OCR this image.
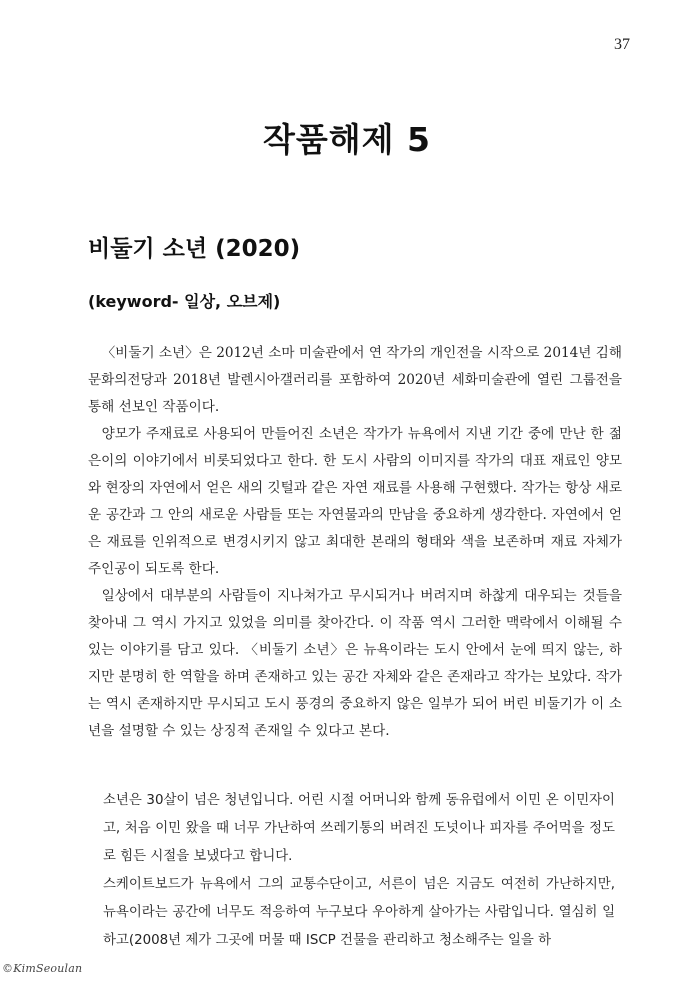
37
작품해제 5
비둘기 소년 (2020)
(keyword- 일상, 오브제)

〈비둘기 소년〉은 2012년 소마 미술관에서 연 작가의 개인전을 시작으로 2014년 김해문화의전당과 2018년 발렌시아갤러리를 포함하여 2020년 세화미술관에 열린 그룹전을 통해 선보인 작품이다.

양모가 주재료로 사용되어 만들어진 소년은 작가가 뉴욕에서 지낸 기간 중에 만난 한 젊은이의 이야기에서 비롯되었다고 한다. 한 도시 사람의 이미지를 작가의 대표 재료인 양모와 현장의 자연에서 얻은 새의 깃털과 같은 자연 재료를 사용해 구현했다. 작가는 항상 새로운 공간과 그 안의 새로운 사람들 또는 자연물과의 만남을 중요하게 생각한다. 자연에서 얻은 재료를 인위적으로 변경시키지 않고 최대한 본래의 형태와 색을 보존하며 재료 자체가 주인공이 되도록 한다.

일상에서 대부분의 사람들이 지나쳐가고 무시되거나 버려지며 하찮게 대우되는 것들을 찾아내 그 역시 가지고 있었을 의미를 찾아간다. 이 작품 역시 그러한 맥락에서 이해될 수 있는 이야기를 담고 있다. 〈비둘기 소년〉은 뉴욕이라는 도시 안에서 눈에 띄지 않는, 하지만 분명히 한 역할을 하며 존재하고 있는 공간 자체와 같은 존재라고 작가는 보았다. 작가는 역시 존재하지만 무시되고 도시 풍경의 중요하지 않은 일부가 되어 버린 비둘기가 이 소년을 설명할 수 있는 상징적 존재일 수 있다고 본다.

소년은 30살이 넘은 청년입니다. 어린 시절 어머니와 함께 동유럽에서 이민 온 이민자이고, 처음 이민 왔을 때 너무 가난하여 쓰레기통의 버려진 도넛이나 피자를 주어먹을 정도로 힘든 시절을 보냈다고 합니다.

스케이트보드가 뉴욕에서 그의 교통수단이고, 서른이 넘은 지금도 여전히 가난하지만, 뉴욕이라는 공간에 너무도 적응하여 누구보다 우아하게 살아가는 사람입니다. 열심히 일하고(2008년 제가 그곳에 머물 때 ISCP 건물을 관리하고 청소해주는 일을 하

©KimSeoulan
